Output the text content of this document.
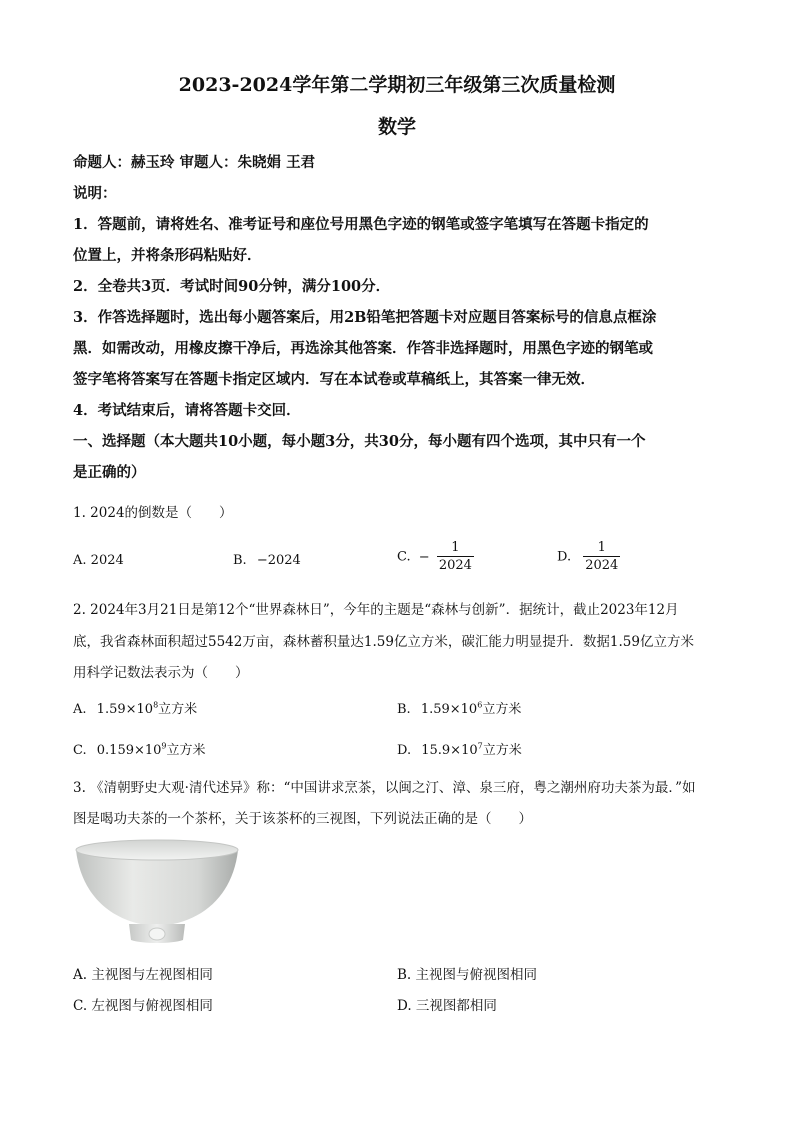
2023-2024学年第二学期初三年级第三次质量检测
数学
命题人：赫玉玲 审题人：朱晓娟 王君
说明：
1．答题前，请将姓名、准考证号和座位号用黑色字迹的钢笔或签字笔填写在答题卡指定的
位置上，并将条形码粘贴好．
2．全卷共3页．考试时间90分钟，满分100分．
3．作答选择题时，选出每小题答案后，用2B铅笔把答题卡对应题目答案标号的信息点框涂
黑．如需改动，用橡皮擦干净后，再选涂其他答案．作答非选择题时，用黑色字迹的钢笔或
签字笔将答案写在答题卡指定区域内．写在本试卷或草稿纸上，其答案一律无效．
4．考试结束后，请将答题卡交回．
一、选择题（本大题共10小题，每小题3分，共30分，每小题有四个选项，其中只有一个
是正确的）
1. 2024的倒数是（　　）
A. 2024	B. −2024	C. − $\frac{1}{2024}$	D. $\frac{1}{2024}$
2. 2024年3月21日是第12个“世界森林日”，今年的主题是“森林与创新”．据统计，截止2023年12月
底，我省森林面积超过5542万亩，森林蓄积量达1.59亿立方米，碳汇能力明显提升．数据1.59亿立方米
用科学记数法表示为（　　）
A. $1.59\times 10^8$立方米	B. $1.59\times 10^6$立方米
C. $0.159\times 10^9$立方米	D. $15.9\times 10^7$立方米
3. 《清朝野史大观·清代述异》称：“中国讲求烹茶，以闽之汀、漳、泉三府，粤之潮州府功夫茶为最．”如
图是喝功夫茶的一个茶杯，关于该茶杯的三视图，下列说法正确的是（　　）
A. 主视图与左视图相同	B. 主视图与俯视图相同
C. 左视图与俯视图相同	D. 三视图都相同
